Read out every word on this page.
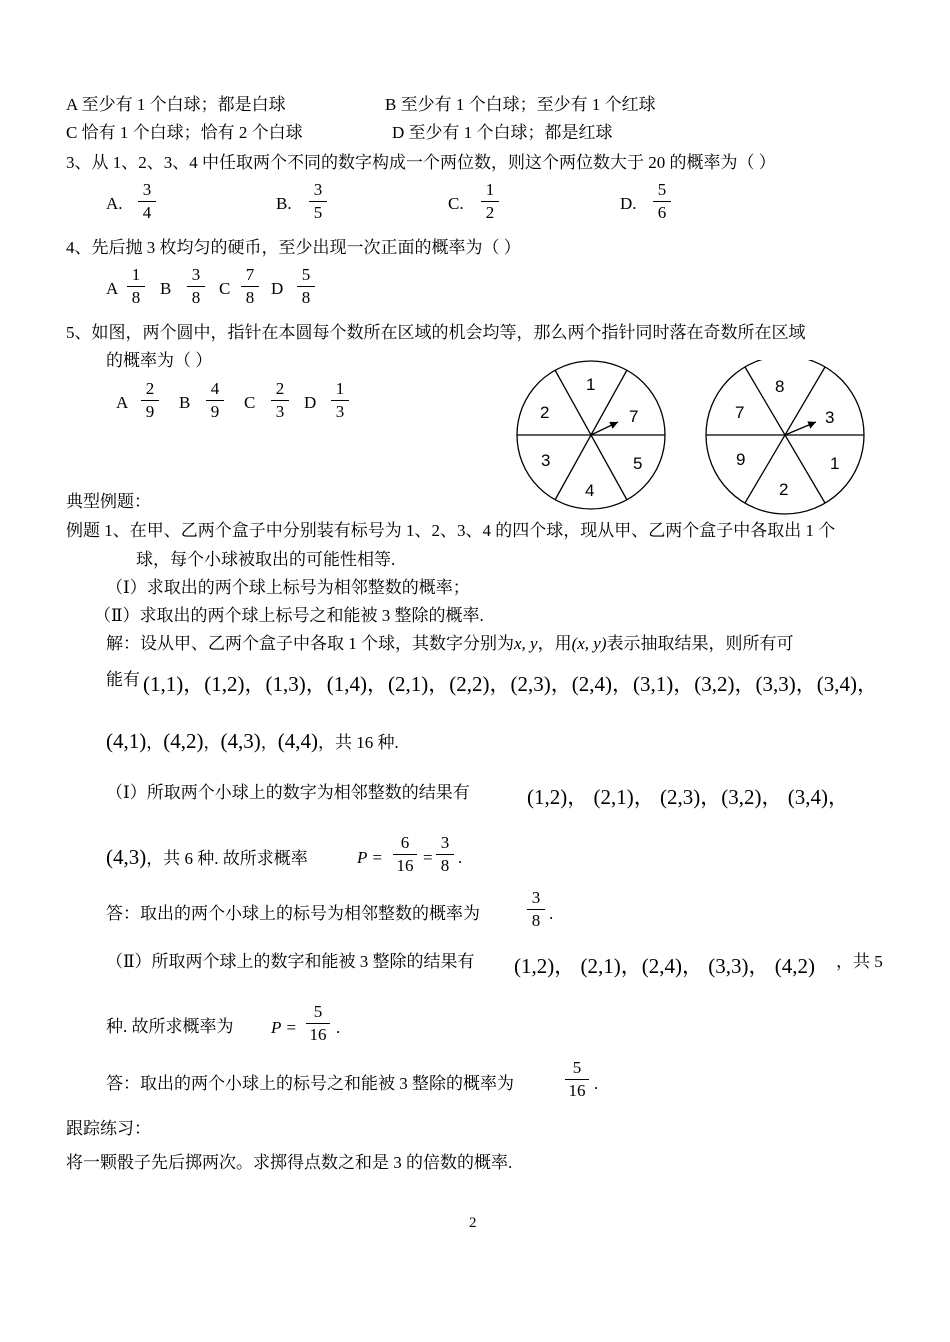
A 至少有 1 个白球；都是白球	B 至少有 1 个白球；至少有 1 个红球
C 恰有 1 个白球；恰有 2 个白球	D 至少有 1 个白球；都是红球
3、从 1、2、3、4 中任取两个不同的数字构成一个两位数，则这个两位数大于 20 的概率为（ ）
A.
3
4	B.
3
5	C.
1
2	D.
5
6
4、先后抛 3 枚均匀的硬币，至少出现一次正面的概率为（ ）
A
1
8 B
3
8 C
7
8 D
5
8
5、如图，两个圆中，指针在本圆每个数所在区域的机会均等，那么两个指针同时落在奇数所在区域
的概率为（ ）
A
2
9 B
4
9 C
2
3 D
1
3
1
7
5
4
3
2
8
3
1
2
9
7
典型例题：
例题 1、在甲、乙两个盒子中分别装有标号为 1、2、3、4 的四个球，现从甲、乙两个盒子中各取出 1 个
球，每个小球被取出的可能性相等.
（Ⅰ）求取出的两个球上标号为相邻整数的概率；
（Ⅱ）求取出的两个球上标号之和能被 3 整除的概率.
解：设从甲、乙两个盒子中各取 1 个球，其数字分别为x, y，用(x, y)表示抽取结果，则所有可
能有 (1,1)，(1,2)，(1,3)，(1,4)，(2,1)，(2,2)，(2,3)，(2,4)，(3,1)，(3,2)，(3,3)，(3,4)，
(4,1)，(4,2)，(4,3)，(4,4)，共 16 种.
（Ⅰ）所取两个小球上的数字为相邻整数的结果有	(1,2)， (2,1)， (2,3)，(3,2)， (3,4)，
(4,3)，共 6 种. 故所求概率	P =
6
16 =
3
8 .
答：取出的两个小球上的标号为相邻整数的概率为
3
8 .
（Ⅱ）所取两个球上的数字和能被 3 整除的结果有 (1,2)， (2,1)，(2,4)， (3,3)， (4,2) ，共 5
种. 故所求概率为 P =
5
16 .
答：取出的两个小球上的标号之和能被 3 整除的概率为
5
16 .
跟踪练习：
将一颗骰子先后掷两次。求掷得点数之和是 3 的倍数的概率.
2
